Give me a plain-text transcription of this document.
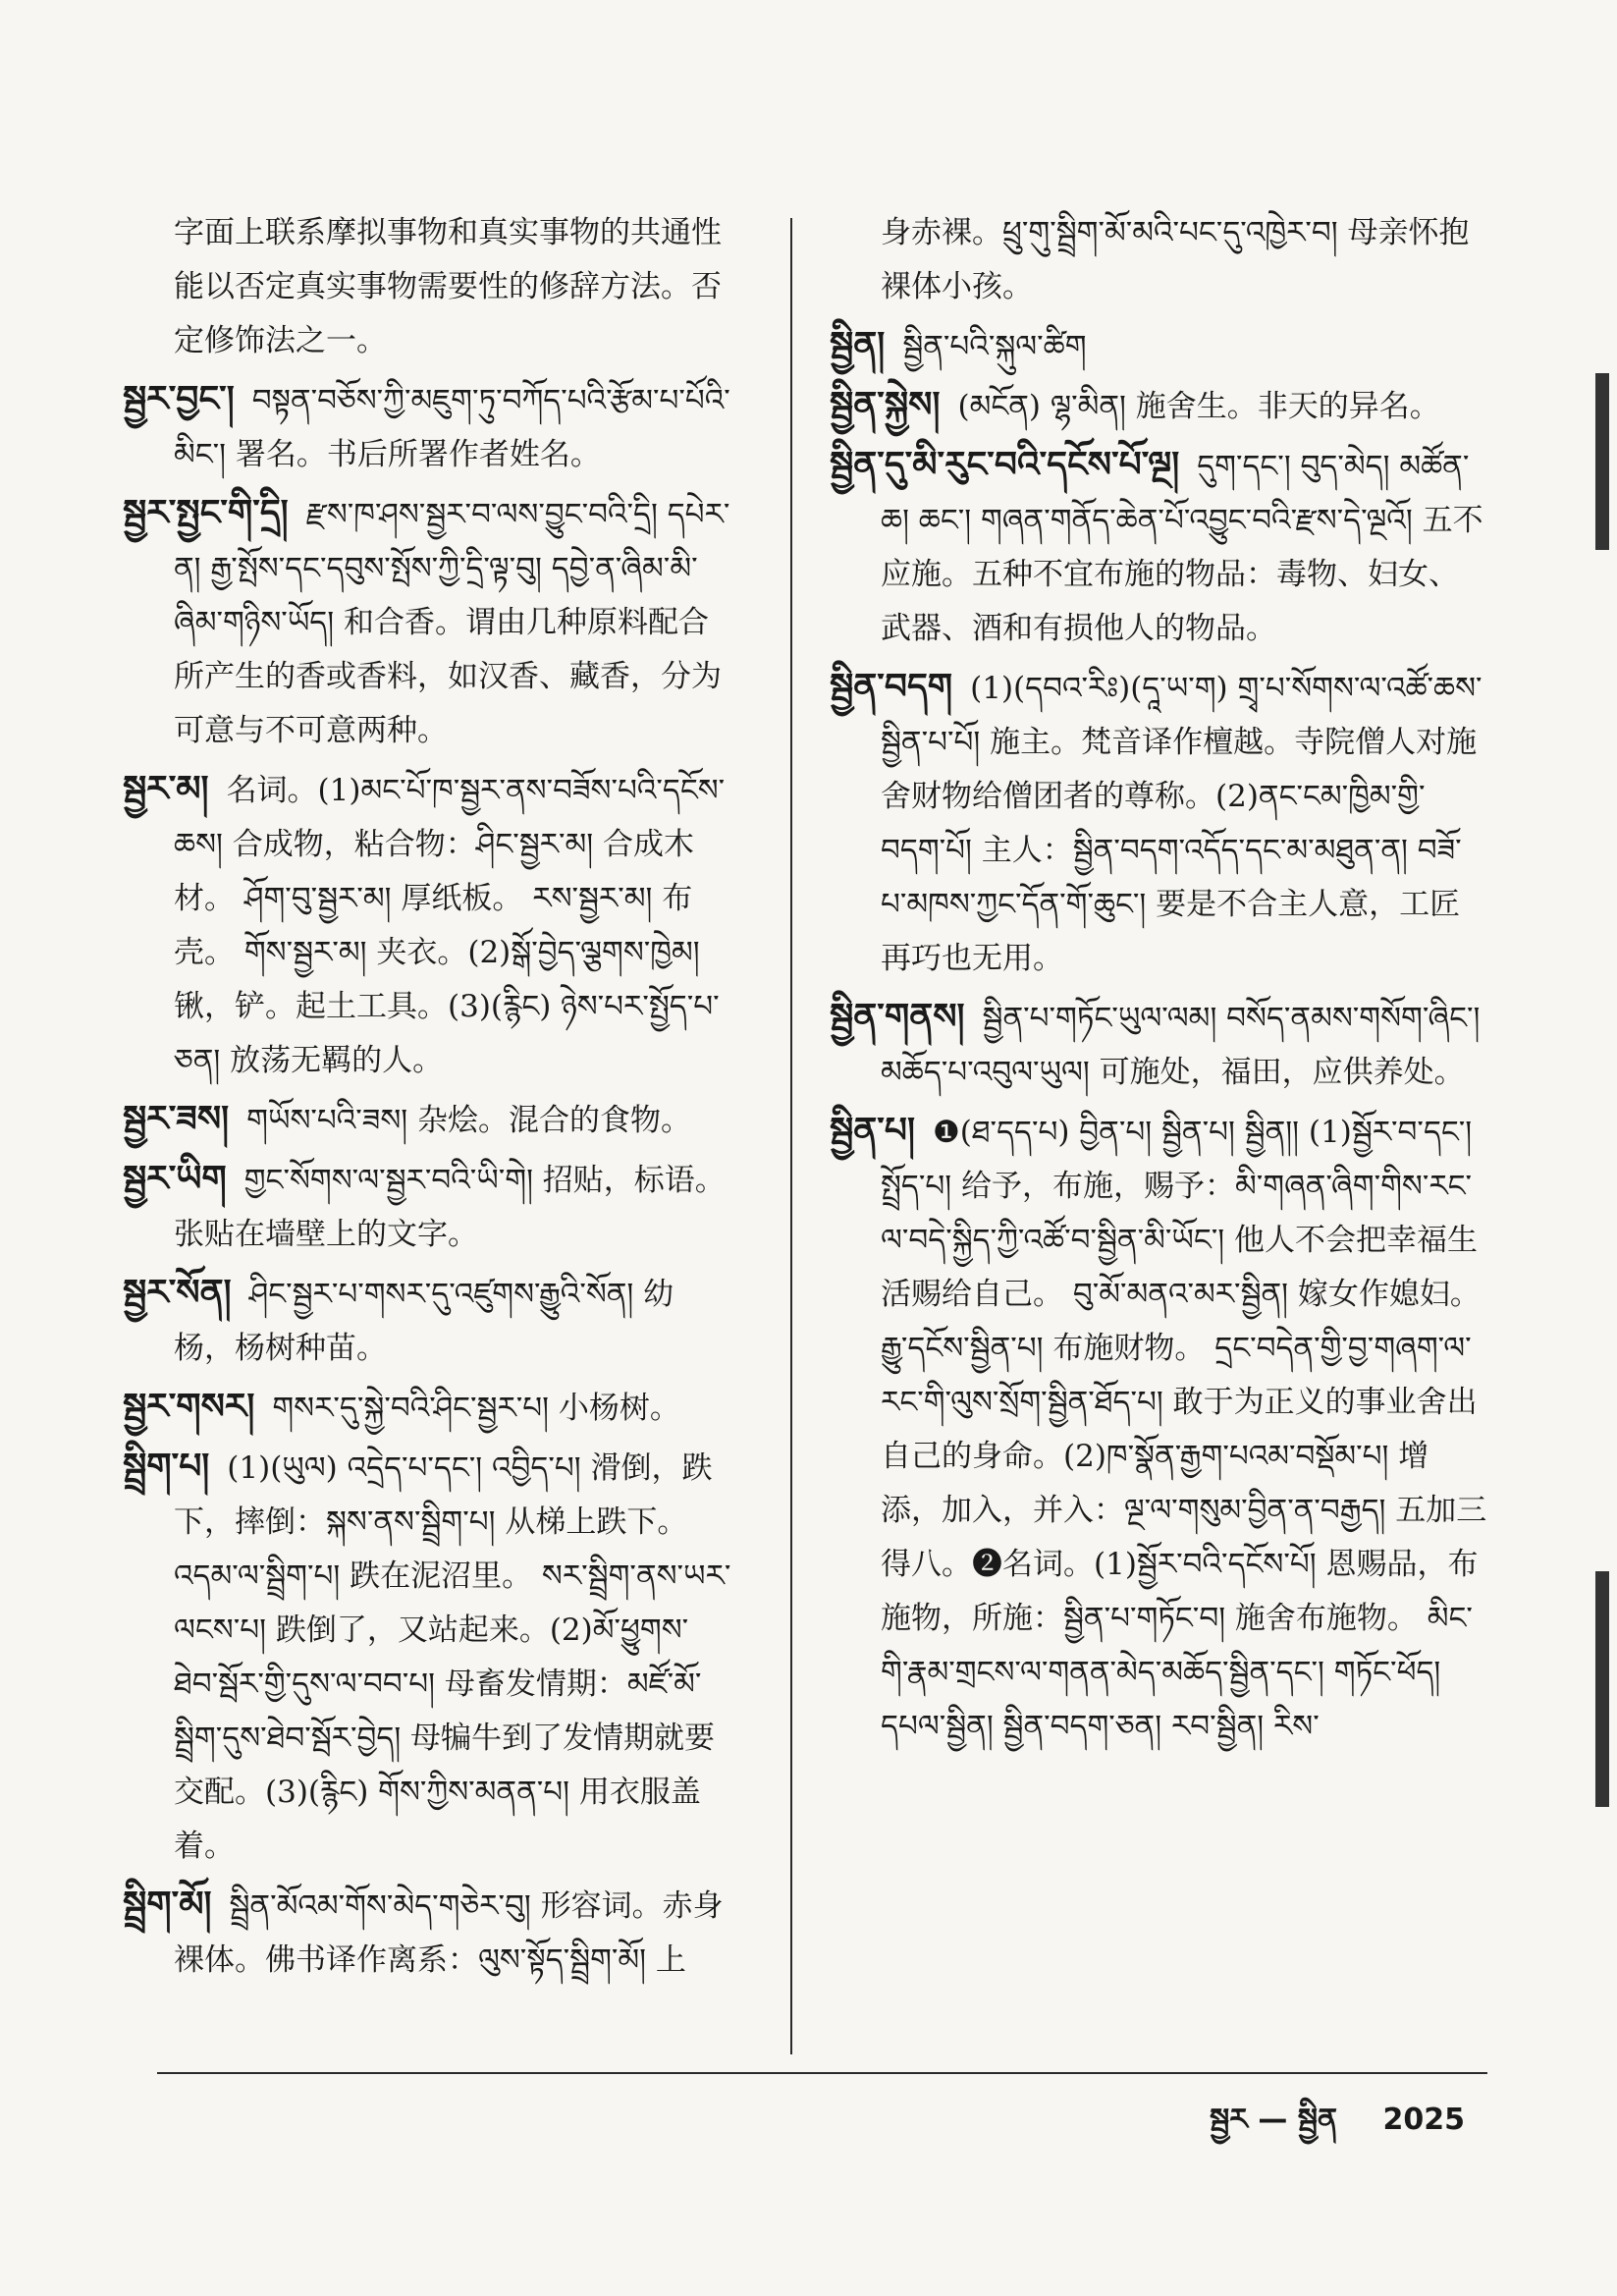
字面上联系摩拟事物和真实事物的共通性能以否定真实事物需要性的修辞方法。否定修饰法之一。

སྦྱར་བྱང་། བསྟན་བཅོས་ཀྱི་མཇུག་ཏུ་བཀོད་པའི་རྩོམ་པ་པོའི་མིང་། 署名。书后所署作者姓名。

སྦྱར་སྤྱང་གི་དྲི། རྫས་ཁ་ཤས་སྦྱར་བ་ལས་བྱུང་བའི་དྲི། དཔེར་ན། རྒྱ་སྤོས་དང་དབུས་སྤོས་ཀྱི་དྲི་ལྟ་བུ། དབྱེ་ན་ཞིམ་མི་ཞིམ་གཉིས་ཡོད། 和合香。谓由几种原料配合所产生的香或香料，如汉香、藏香，分为可意与不可意两种。

སྦྱར་མ། 名词。(1)མང་པོ་ཁ་སྦྱར་ནས་བཟོས་པའི་དངོས་ཆས། 合成物，粘合物：ཤིང་སྦྱར་མ། 合成木材。 ཤོག་བུ་སྦྱར་མ། 厚纸板。 རས་སྦྱར་མ། 布壳。 གོས་སྦྱར་མ། 夹衣。(2)སྒོ་བྱེད་ལྕགས་ཁྱེམ། 锹，铲。起土工具。(3)(རྙིང) ཉེས་པར་སྤྱོད་པ་ཅན། 放荡无羁的人。

སྦྱར་ཟས། གཡོས་པའི་ཟས། 杂烩。混合的食物。

སྦྱར་ཡིག གྱང་སོགས་ལ་སྦྱར་བའི་ཡི་གེ། 招贴，标语。张贴在墙壁上的文字。

སྦྱར་སོན། ཤིང་སྦྱར་པ་གསར་དུ་འཛུགས་རྒྱུའི་སོན། 幼杨，杨树种苗。

སྦྱར་གསར། གསར་དུ་སྐྱེ་བའི་ཤིང་སྦྱར་པ། 小杨树。

སྦྲིག་པ། (1)(ཡུལ) འདྲེད་པ་དང་། འབྱིད་པ། 滑倒，跌下，摔倒：སྐས་ནས་སྦྲིག་པ། 从梯上跌下。 འདམ་ལ་སྦྲིག་པ། 跌在泥沼里。 སར་སྦྲིག་ནས་ཡར་ལངས་པ། 跌倒了，又站起来。(2)མོ་ཕྱུགས་ཐེབ་སྦོར་གྱི་དུས་ལ་བབ་པ། 母畜发情期：མཛོ་མོ་སྦྲིག་དུས་ཐེབ་སྦོར་བྱེད། 母犏牛到了发情期就要交配。(3)(རྙིང) གོས་ཀྱིས་མནན་པ། 用衣服盖着。

སྦྲིག་མོ། སྦྲིན་མོའམ་གོས་མེད་གཅེར་བུ། 形容词。赤身裸体。佛书译作离系：ལུས་སྟོད་སྦྲིག་མོ། 上

身赤裸。ཕྲུ་གུ་སྦྲིག་མོ་མའི་པང་དུ་འཁྱེར་བ། 母亲怀抱裸体小孩。

སྦྱིན། སྦྱིན་པའི་སྐུལ་ཚིག

སྦྱིན་སྐྱེས། (མངོན) ལྷ་མིན། 施舍生。非天的异名。

སྦྱིན་དུ་མི་རུང་བའི་དངོས་པོ་ལྔ། དུག་དང་། བུད་མེད། མཚོན་ཆ། ཆང་། གཞན་གནོད་ཆེན་པོ་འབྱུང་བའི་རྫས་དེ་ལྔའོ། 五不应施。五种不宜布施的物品：毒物、妇女、武器、酒和有损他人的物品。

སྦྱིན་བདག (1)(དབའ་རིཿ)(དཱ་ཡ་ག) གྲྭ་པ་སོགས་ལ་འཚོ་ཆས་སྦྱིན་པ་པོ། 施主。梵音译作檀越。寺院僧人对施舍财物给僧团者的尊称。(2)ནང་ངམ་ཁྱིམ་གྱི་བདག་པོ། 主人：སྦྱིན་བདག་འདོད་དང་མ་མཐུན་ན། བཟོ་པ་མཁས་ཀྱང་དོན་གོ་ཆུང་། 要是不合主人意，工匠再巧也无用。

སྦྱིན་གནས། སྦྱིན་པ་གཏོང་ཡུལ་ལམ། བསོད་ནམས་གསོག་ཞིང་། མཆོད་པ་འབུལ་ཡུལ། 可施处，福田，应供养处。

སྦྱིན་པ། ❶(ཐ་དད་པ) བྱིན་པ། སྦྱིན་པ། སྦྱིན།། (1)སྦྱོར་བ་དང་། སྤྲོད་པ། 给予，布施，赐予：མི་གཞན་ཞིག་གིས་རང་ལ་བདེ་སྐྱིད་ཀྱི་འཚོ་བ་སྦྱིན་མི་ཡོང་། 他人不会把幸福生活赐给自己。 བུ་མོ་མནའ་མར་སྦྱིན། 嫁女作媳妇。 རྒྱུ་དངོས་སྦྱིན་པ། 布施财物。 དྲང་བདེན་གྱི་བྱ་གཞག་ལ་རང་གི་ལུས་སྲོག་སྦྱིན་ཐོད་པ། 敢于为正义的事业舍出自己的身命。(2)ཁ་སྣོན་རྒྱག་པའམ་བསྡོམ་པ། 增添，加入，并入：ལྔ་ལ་གསུམ་བྱིན་ན་བརྒྱད། 五加三得八。❷名词。(1)སྦྱོར་བའི་དངོས་པོ། 恩赐品，布施物，所施：སྦྱིན་པ་གཏོང་བ། 施舍布施物。 མིང་གི་རྣམ་གྲངས་ལ་གནན་མེད་མཆོད་སྦྱིན་དང་། གཏོང་ཕོད། དཔལ་སྦྱིན། སྦྱིན་བདག་ཅན། རབ་སྦྱིན། རིས་

སྦྱར — སྦྱིན 2025
